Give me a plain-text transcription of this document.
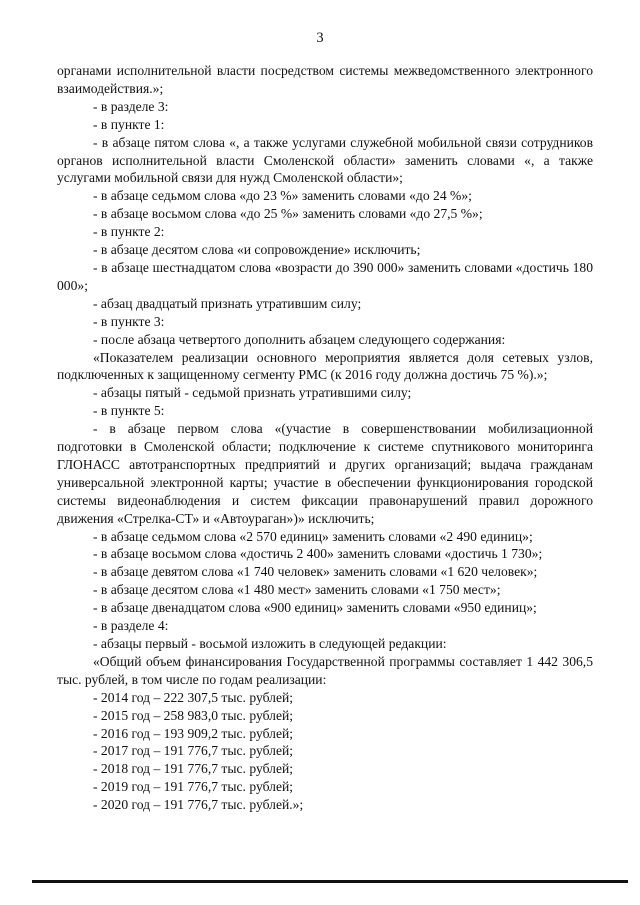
3

органами исполнительной власти посредством системы межведомственного электронного взаимодействия.»;

- в разделе 3:

- в пункте 1:

- в абзаце пятом слова «, а также услугами служебной мобильной связи сотрудников органов исполнительной власти Смоленской области» заменить словами «, а также услугами мобильной связи для нужд Смоленской области»;

- в абзаце седьмом слова «до 23 %» заменить словами «до 24 %»;

- в абзаце восьмом слова «до 25 %» заменить словами «до 27,5 %»;

- в пункте 2:

- в абзаце десятом слова «и сопровождение» исключить;

- в абзаце шестнадцатом слова «возрасти до 390 000» заменить словами «достичь 180 000»;

- абзац двадцатый признать утратившим силу;

- в пункте 3:

- после абзаца четвертого дополнить абзацем следующего содержания:

«Показателем реализации основного мероприятия является доля сетевых узлов, подключенных к защищенному сегменту РМС (к 2016 году должна достичь 75 %).»;

- абзацы пятый - седьмой признать утратившими силу;

- в пункте 5:

- в абзаце первом слова «(участие в совершенствовании мобилизационной подготовки в Смоленской области; подключение к системе спутникового мониторинга ГЛОНАСС автотранспортных предприятий и других организаций; выдача гражданам универсальной электронной карты; участие в обеспечении функционирования городской системы видеонаблюдения и систем фиксации правонарушений правил дорожного движения «Стрелка-СТ» и «Автоураган»)» исключить;

- в абзаце седьмом слова «2 570 единиц» заменить словами «2 490 единиц»;

- в абзаце восьмом слова «достичь 2 400» заменить словами «достичь 1 730»;

- в абзаце девятом слова «1 740 человек» заменить словами «1 620 человек»;

- в абзаце десятом слова «1 480 мест» заменить словами «1 750 мест»;

- в абзаце двенадцатом слова «900 единиц» заменить словами «950 единиц»;

- в разделе 4:

- абзацы первый - восьмой изложить в следующей редакции:

«Общий объем финансирования Государственной программы составляет 1 442 306,5 тыс. рублей, в том числе по годам реализации:

- 2014 год – 222 307,5 тыс. рублей;

- 2015 год – 258 983,0 тыс. рублей;

- 2016 год – 193 909,2 тыс. рублей;

- 2017 год – 191 776,7 тыс. рублей;

- 2018 год – 191 776,7 тыс. рублей;

- 2019 год – 191 776,7 тыс. рублей;

- 2020 год – 191 776,7 тыс. рублей.»;
